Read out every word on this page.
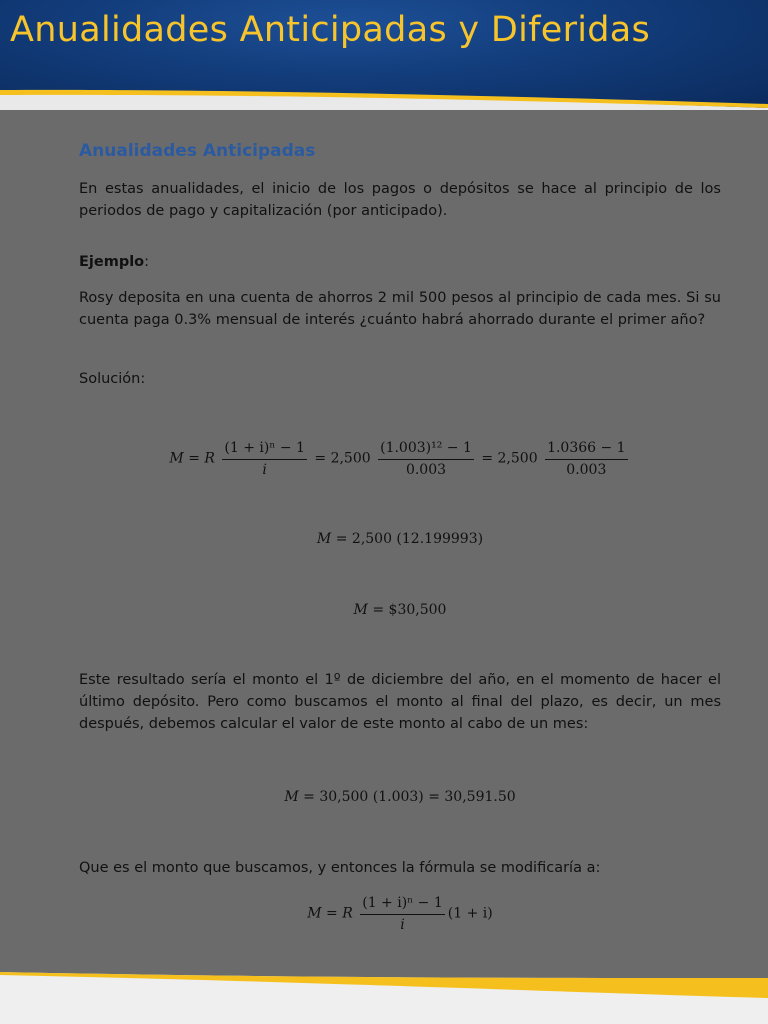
Anualidades Anticipadas y Diferidas
Anualidades Anticipadas

En estas anualidades, el inicio de los pagos o depósitos se hace al principio de los periodos de pago y capitalización (por anticipado).

Ejemplo:

Rosy deposita en una cuenta de ahorros 2 mil 500 pesos al principio de cada mes. Si su cuenta paga 0.3% mensual de interés ¿cuánto habrá ahorrado durante el primer año?

Solución:

M = R $\frac{\text{(1 + i)ⁿ − 1}}{i} = 2,500 \frac{\text{(1.003)¹² − 1}}{0.003} = 2,500 \frac{1.0366 - 1}{0.003}$
M = 2,500 (12.199993)
M = $30,500

Este resultado sería el monto el 1º de diciembre del año, en el momento de hacer el último depósito. Pero como buscamos el monto al final del plazo, es decir, un mes después, debemos calcular el valor de este monto al cabo de un mes:

M = 30,500 (1.003) = 30,591.50

Que es el monto que buscamos, y entonces la fórmula se modificaría a:

M = R $\frac{\text{(1 + i)ⁿ − 1}}{i} (1 + i)$
